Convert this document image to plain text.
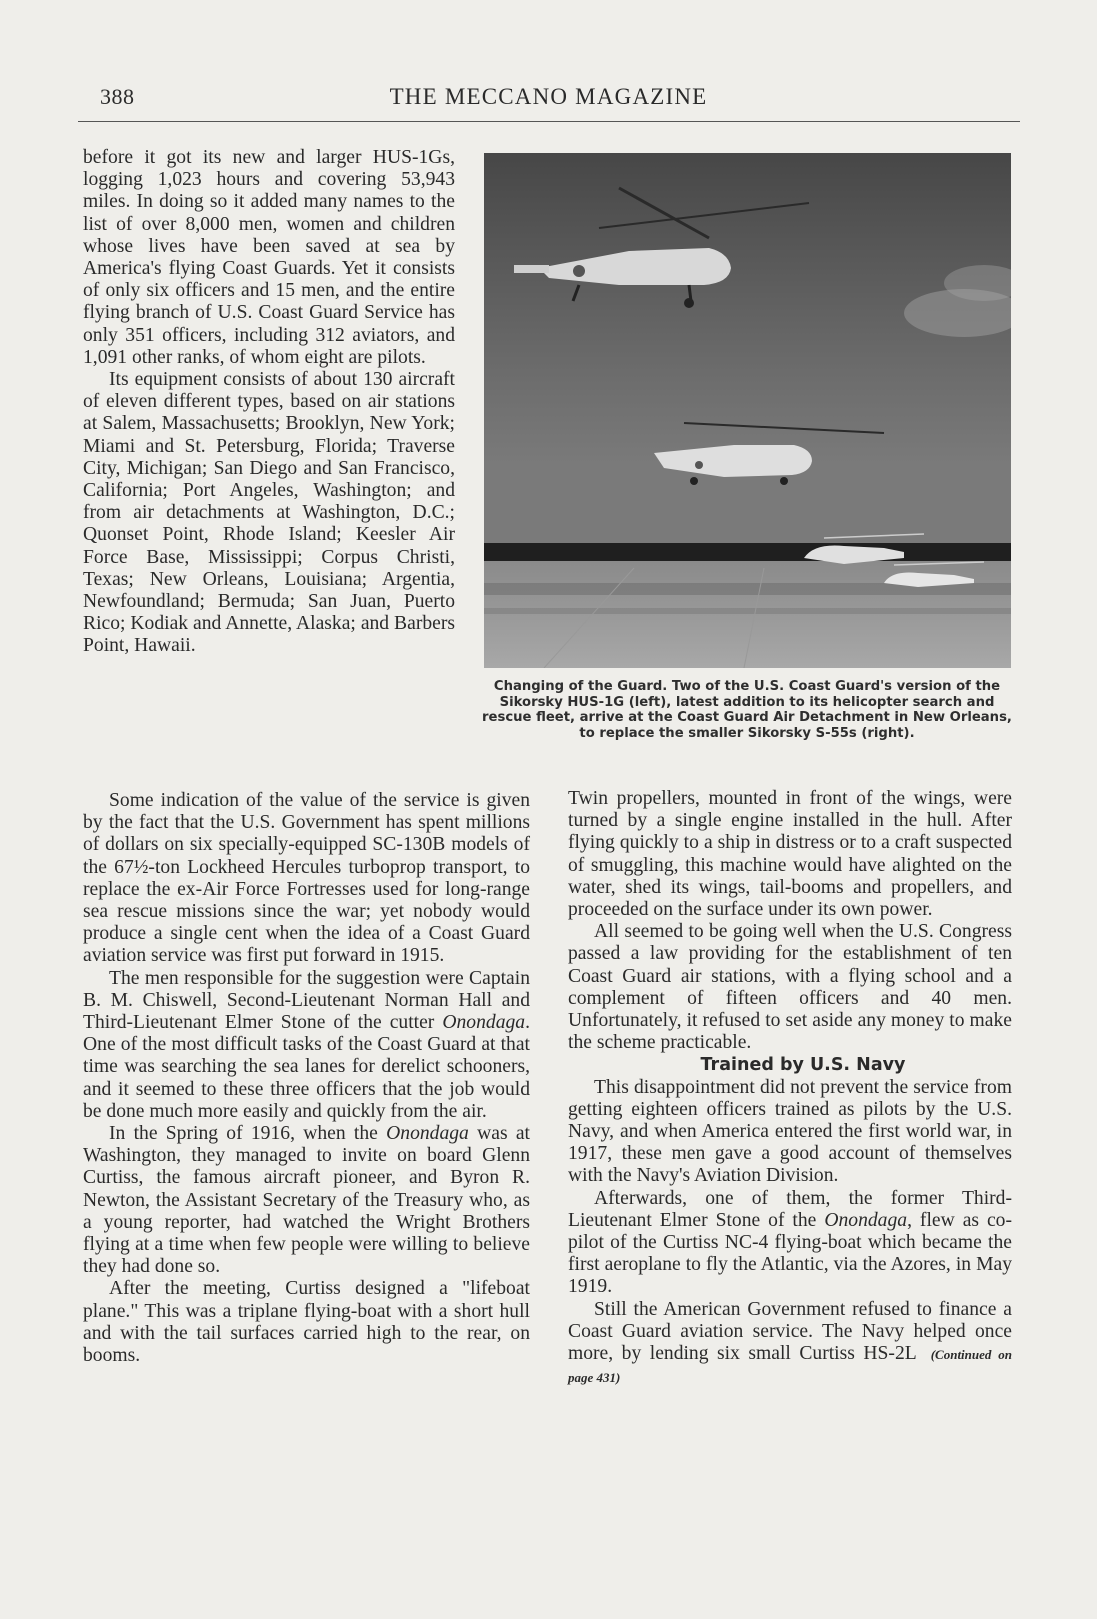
388	THE MECCANO MAGAZINE

before it got its new and larger HUS-1Gs, logging 1,023 hours and covering 53,943 miles. In doing so it added many names to the list of over 8,000 men, women and children whose lives have been saved at sea by America's flying Coast Guards. Yet it consists of only six officers and 15 men, and the entire flying branch of U.S. Coast Guard Service has only 351 officers, including 312 aviators, and 1,091 other ranks, of whom eight are pilots.

Its equipment consists of about 130 aircraft of eleven different types, based on air stations at Salem, Massachusetts; Brooklyn, New York; Miami and St. Petersburg, Florida; Traverse City, Michigan; San Diego and San Francisco, California; Port Angeles, Washington; and from air detachments at Washington, D.C.; Quonset Point, Rhode Island; Keesler Air Force Base, Mississippi; Corpus Christi, Texas; New Orleans, Louisiana; Argentia, Newfoundland; Bermuda; San Juan, Puerto Rico; Kodiak and Annette, Alaska; and Barbers Point, Hawaii.

Changing of the Guard. Two of the U.S. Coast Guard's version of the Sikorsky HUS-1G (left), latest addition to its helicopter search and rescue fleet, arrive at the Coast Guard Air Detachment in New Orleans, to replace the smaller Sikorsky S-55s (right).

Some indication of the value of the service is given by the fact that the U.S. Government has spent millions of dollars on six specially-equipped SC-130B models of the 67½-ton Lockheed Hercules turboprop transport, to replace the ex-Air Force Fortresses used for long-range sea rescue missions since the war; yet nobody would produce a single cent when the idea of a Coast Guard aviation service was first put forward in 1915.

The men responsible for the suggestion were Captain B. M. Chiswell, Second-Lieutenant Norman Hall and Third-Lieutenant Elmer Stone of the cutter Onondaga. One of the most difficult tasks of the Coast Guard at that time was searching the sea lanes for derelict schooners, and it seemed to these three officers that the job would be done much more easily and quickly from the air.

In the Spring of 1916, when the Onondaga was at Washington, they managed to invite on board Glenn Curtiss, the famous aircraft pioneer, and Byron R. Newton, the Assistant Secretary of the Treasury who, as a young reporter, had watched the Wright Brothers flying at a time when few people were willing to believe they had done so.

After the meeting, Curtiss designed a "lifeboat plane." This was a triplane flying-boat with a short hull and with the tail surfaces carried high to the rear, on booms.

Twin propellers, mounted in front of the wings, were turned by a single engine installed in the hull. After flying quickly to a ship in distress or to a craft suspected of smuggling, this machine would have alighted on the water, shed its wings, tail-booms and propellers, and proceeded on the surface under its own power.

All seemed to be going well when the U.S. Congress passed a law providing for the establishment of ten Coast Guard air stations, with a flying school and a complement of fifteen officers and 40 men. Unfortunately, it refused to set aside any money to make the scheme practicable.

Trained by U.S. Navy

This disappointment did not prevent the service from getting eighteen officers trained as pilots by the U.S. Navy, and when America entered the first world war, in 1917, these men gave a good account of themselves with the Navy's Aviation Division.

Afterwards, one of them, the former Third-Lieutenant Elmer Stone of the Onondaga, flew as co-pilot of the Curtiss NC-4 flying-boat which became the first aeroplane to fly the Atlantic, via the Azores, in May 1919.

Still the American Government refused to finance a Coast Guard aviation service. The Navy helped once more, by lending six small Curtiss HS-2L (Continued on page 431)
